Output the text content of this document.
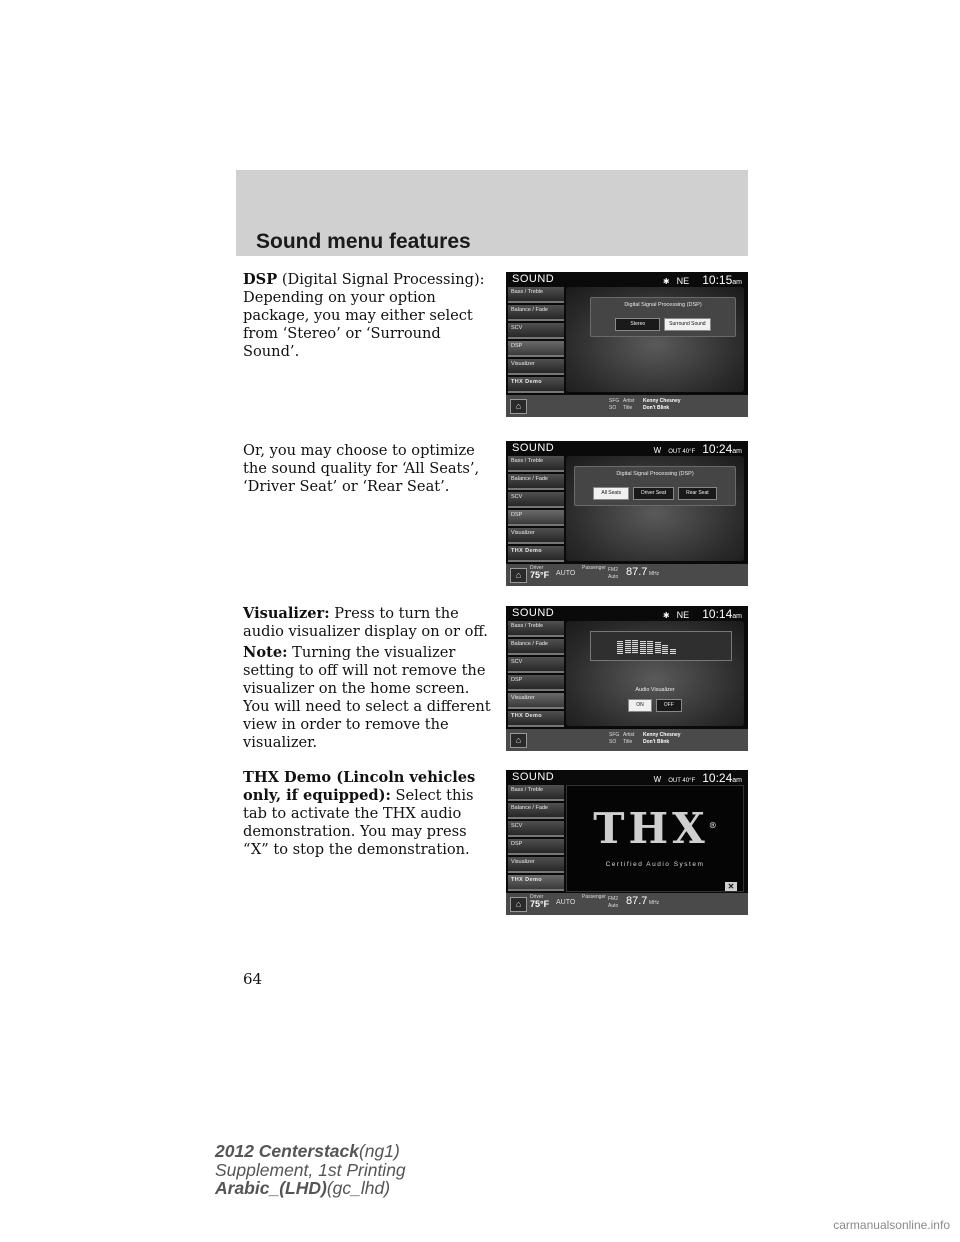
Sound menu features

DSP (Digital Signal Processing): Depending on your option package, you may either select from ‘Stereo’ or ‘Surround Sound’.

Or, you may choose to optimize the sound quality for ‘All Seats’, ‘Driver Seat’ or ‘Rear Seat’.

Visualizer: Press to turn the audio visualizer display on or off.

Note: Turning the visualizer setting to off will not remove the visualizer on the home screen. You will need to select a different view in order to remove the visualizer.

THX Demo (Lincoln vehicles only, if equipped): Select this tab to activate the THX audio demonstration. You may press “X” to stop the demonstration.

SOUND	✱ NE 10:15am
Bass / Treble
Balance / Fade
SCV
DSP
Visualizer
THX Demo
Digital Signal Processing (DSP)
Stereo	Surround Sound
⌂	SFG
SO
Artist
Title
Kenny Chesney
Don't Blink
SOUND	W OUT 40°F 10:24am
Bass / Treble
Balance / Fade
SCV
DSP
Visualizer
THX Demo
Digital Signal Processing (DSP)
All Seats	Driver Seat	Rear Seat
⌂
Driver
75°F AUTO
Passenger FM2
Auto 87.7 MHz
SOUND	✱ NE 10:14am
Bass / Treble
Balance / Fade
SCV
DSP
Visualizer
THX Demo
Audio Visualizer
ON	OFF
⌂	SFG
SO
Artist
Title
Kenny Chesney
Don't Blink
SOUND	W OUT 40°F 10:24am
Bass / Treble
Balance / Fade
SCV
DSP
Visualizer
THX Demo
THX®
Certified Audio System
✕
⌂
Driver
75°F AUTO
Passenger FM2
Auto 87.7 MHz

64

2012 Centerstack(ng1)
Supplement, 1st Printing
Arabic_(LHD)(gc_lhd)

carmanualsonline.info
